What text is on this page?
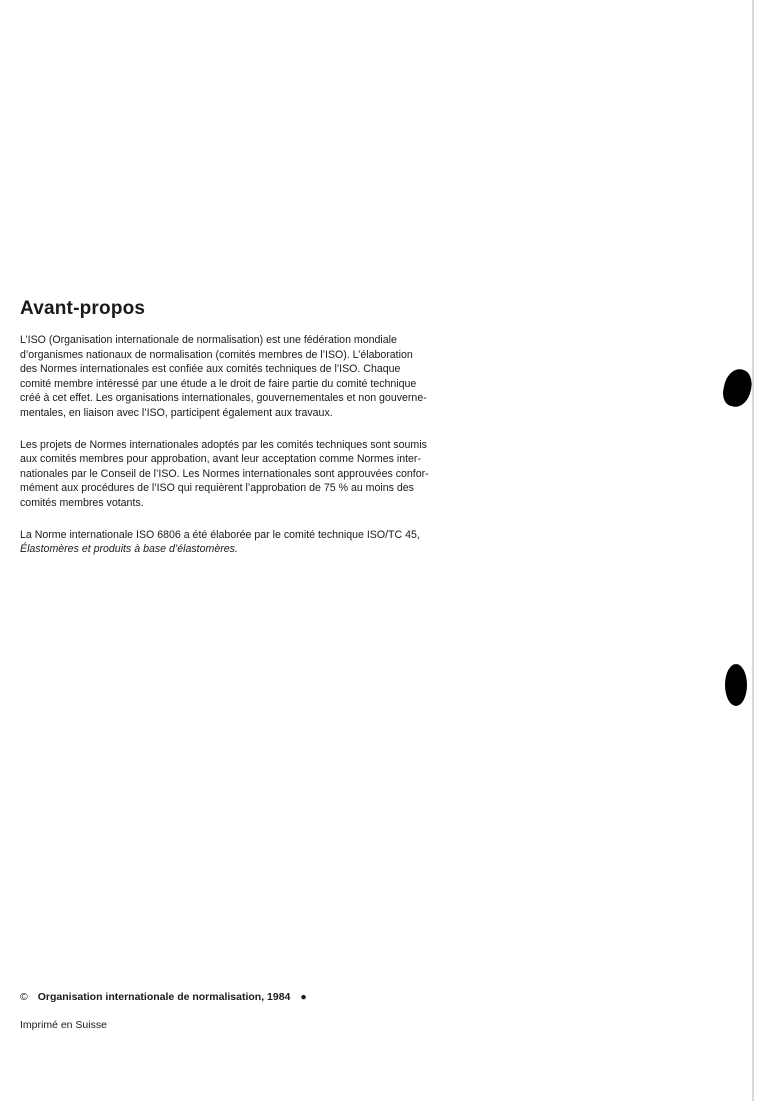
Avant-propos

L’ISO (Organisation internationale de normalisation) est une fédération mondiale
d’organismes nationaux de normalisation (comités membres de l’ISO). L’élaboration
des Normes internationales est confiée aux comités techniques de l’ISO. Chaque
comité membre intéressé par une étude a le droit de faire partie du comité technique
créé à cet effet. Les organisations internationales, gouvernementales et non gouverne-
mentales, en liaison avec l’ISO, participent également aux travaux.

Les projets de Normes internationales adoptés par les comités techniques sont soumis
aux comités membres pour approbation, avant leur acceptation comme Normes inter-
nationales par le Conseil de l’ISO. Les Normes internationales sont approuvées confor-
mément aux procédures de l’ISO qui requièrent l’approbation de 75 % au moins des
comités membres votants.

La Norme internationale ISO 6806 a été élaborée par le comité technique ISO/TC 45,
Élastomères et produits à base d’élastomères.

© Organisation internationale de normalisation, 1984 ●
Imprimé en Suisse
